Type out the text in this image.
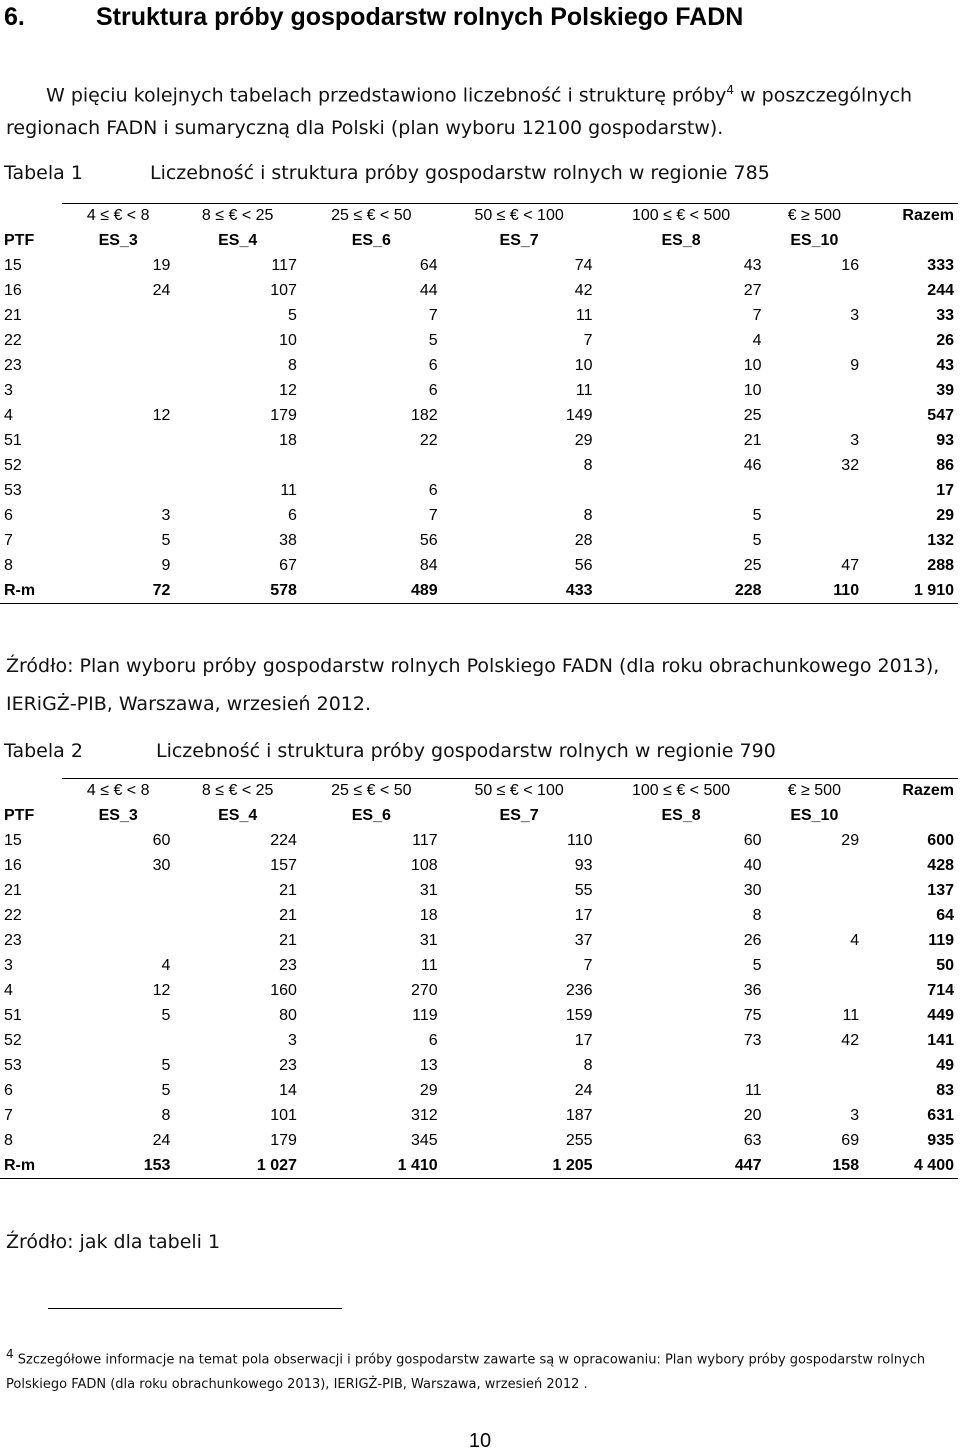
6.	Struktura próby gospodarstw rolnych Polskiego FADN
W pięciu kolejnych tabelach przedstawiono liczebność i strukturę próby$^4$ w poszczególnych regionach FADN i sumaryczną dla Polski (plan wyboru 12100 gospodarstw).
Tabela 1	Liczebność i struktura próby gospodarstw rolnych w regionie 785
	4 ≤ € < 8	8 ≤ € < 25	25 ≤ € < 50	50 ≤ € < 100	100 ≤ € < 500	€ ≥ 500	Razem
PTF	ES_3	ES_4	ES_6	ES_7	ES_8	ES_10	
15	19	117	64	74	43	16	333
16	24	107	44	42	27		244
21		5	7	11	7	3	33
22		10	5	7	4		26
23		8	6	10	10	9	43
3		12	6	11	10		39
4	12	179	182	149	25		547
51		18	22	29	21	3	93
52				8	46	32	86
53		11	6				17
6	3	6	7	8	5		29
7	5	38	56	28	5		132
8	9	67	84	56	25	47	288
R-m	72	578	489	433	228	110	1 910
Źródło: Plan wyboru próby gospodarstw rolnych Polskiego FADN (dla roku obrachunkowego 2013), IERiGŻ-PIB, Warszawa, wrzesień 2012.
Tabela 2	Liczebność i struktura próby gospodarstw rolnych w regionie 790
	4 ≤ € < 8	8 ≤ € < 25	25 ≤ € < 50	50 ≤ € < 100	100 ≤ € < 500	€ ≥ 500	Razem
PTF	ES_3	ES_4	ES_6	ES_7	ES_8	ES_10	
15	60	224	117	110	60	29	600
16	30	157	108	93	40		428
21		21	31	55	30		137
22		21	18	17	8		64
23		21	31	37	26	4	119
3	4	23	11	7	5		50
4	12	160	270	236	36		714
51	5	80	119	159	75	11	449
52		3	6	17	73	42	141
53	5	23	13	8			49
6	5	14	29	24	11		83
7	8	101	312	187	20	3	631
8	24	179	345	255	63	69	935
R-m	153	1 027	1 410	1 205	447	158	4 400
Źródło: jak dla tabeli 1
$^4$ Szczegółowe informacje na temat pola obserwacji i próby gospodarstw zawarte są w opracowaniu: Plan wybory próby gospodarstw rolnych Polskiego FADN (dla roku obrachunkowego 2013), IERIGŻ-PIB, Warszawa, wrzesień 2012 .
10
